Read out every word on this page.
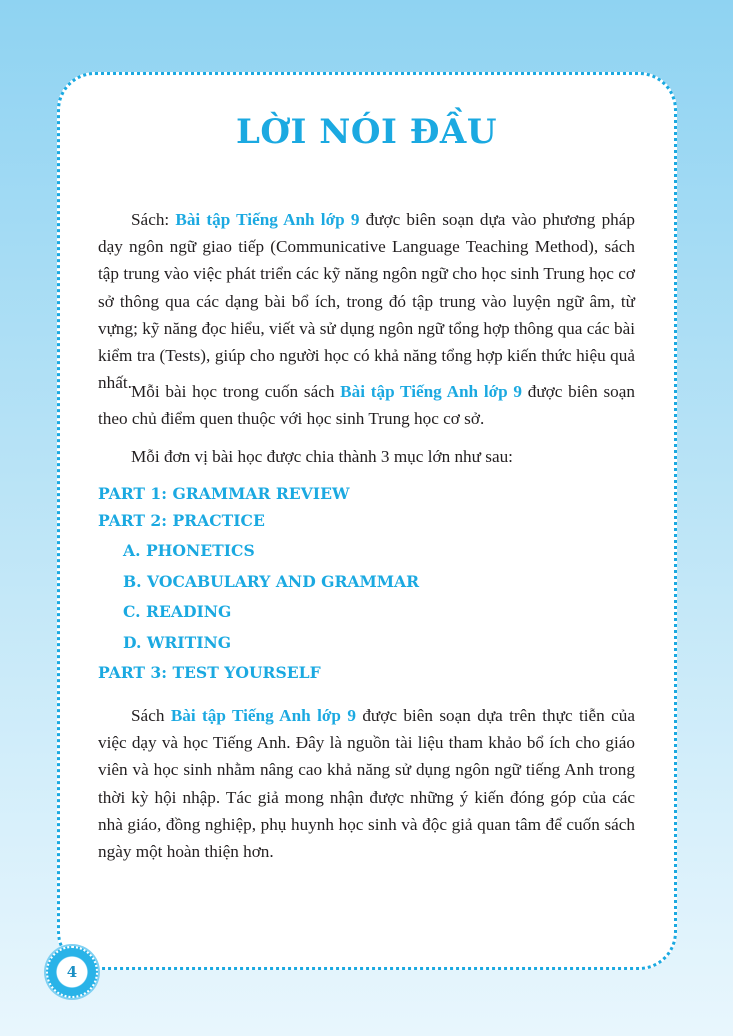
LỜI NÓI ĐẦU

Sách: Bài tập Tiếng Anh lớp 9 được biên soạn dựa vào phương pháp dạy ngôn ngữ giao tiếp (Communicative Language Teaching Method), sách tập trung vào việc phát triển các kỹ năng ngôn ngữ cho học sinh Trung học cơ sở thông qua các dạng bài bổ ích, trong đó tập trung vào luyện ngữ âm, từ vựng; kỹ năng đọc hiểu, viết và sử dụng ngôn ngữ tổng hợp thông qua các bài kiểm tra (Tests), giúp cho người học có khả năng tổng hợp kiến thức hiệu quả nhất. Mỗi bài học trong cuốn sách Bài tập Tiếng Anh lớp 9 được biên soạn theo chủ điểm quen thuộc với học sinh Trung học cơ sở.

Mỗi đơn vị bài học được chia thành 3 mục lớn như sau:

PART 1: GRAMMAR REVIEW
PART 2: PRACTICE
A. PHONETICS
B. VOCABULARY AND GRAMMAR
C. READING
D. WRITING
PART 3: TEST YOURSELF

Sách Bài tập Tiếng Anh lớp 9 được biên soạn dựa trên thực tiễn của việc dạy và học Tiếng Anh. Đây là nguồn tài liệu tham khảo bổ ích cho giáo viên và học sinh nhằm nâng cao khả năng sử dụng ngôn ngữ tiếng Anh trong thời kỳ hội nhập. Tác giả mong nhận được những ý kiến đóng góp của các nhà giáo, đồng nghiệp, phụ huynh học sinh và độc giả quan tâm để cuốn sách ngày một hoàn thiện hơn.

4
